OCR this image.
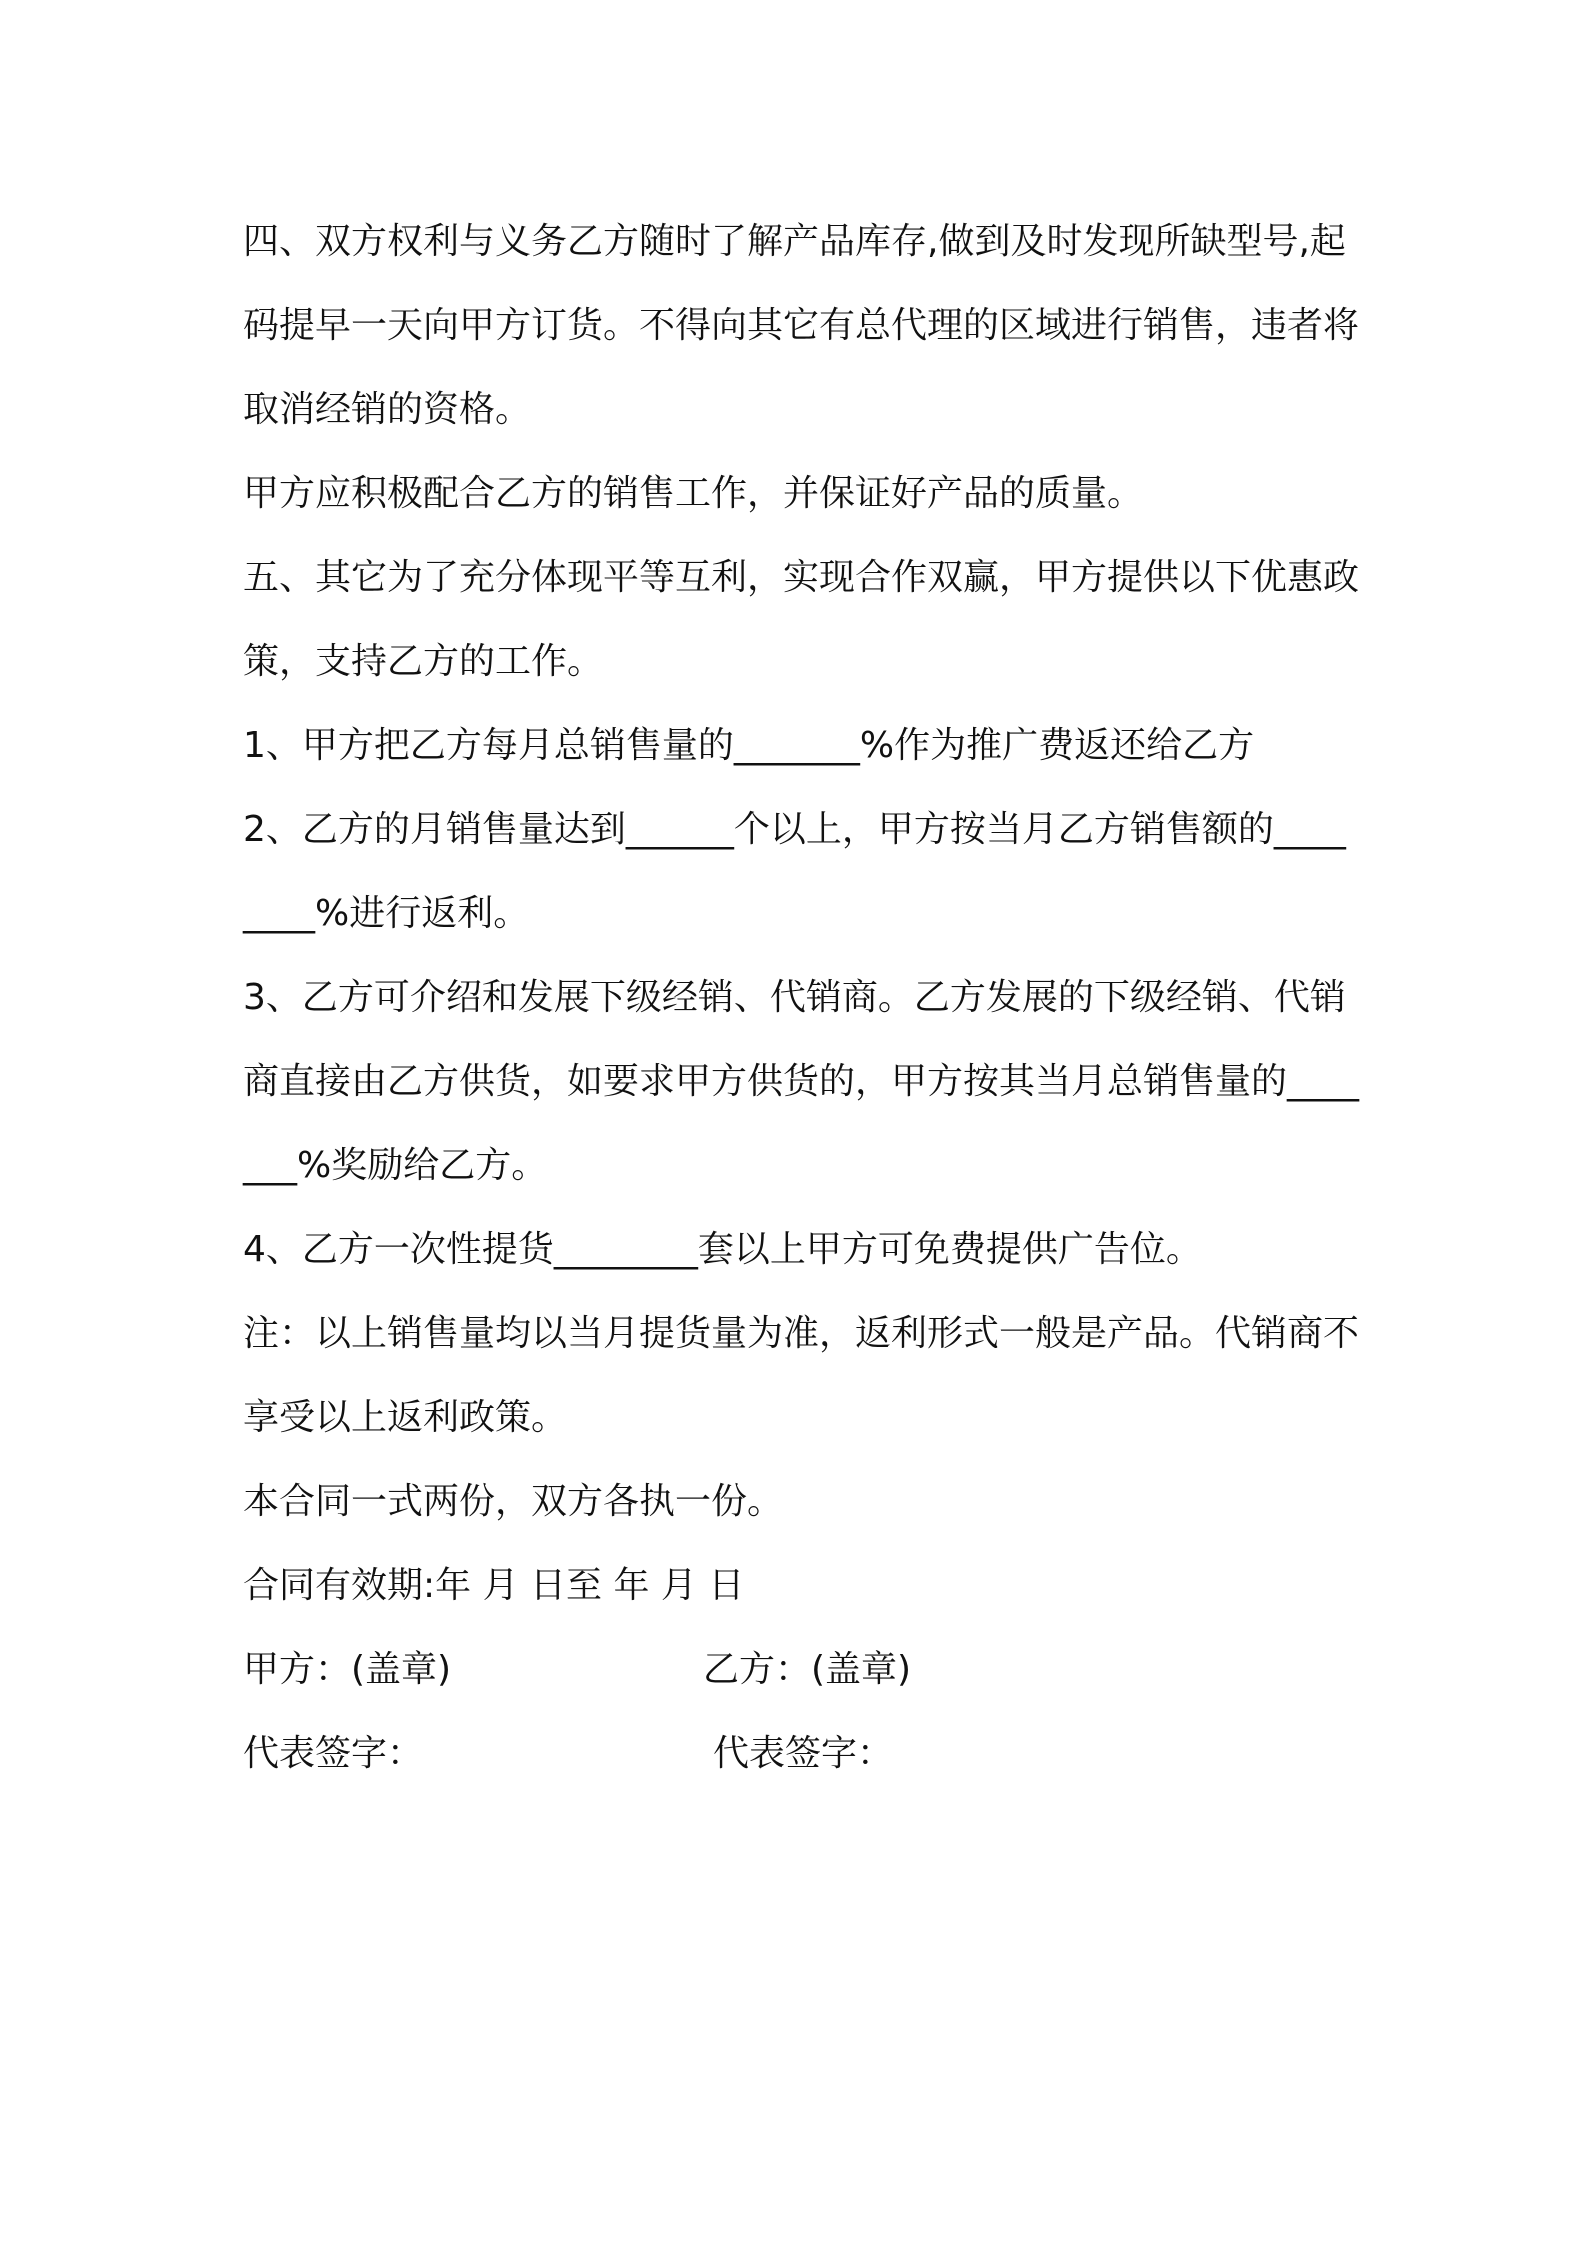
四、双方权利与义务乙方随时了解产品库存,做到及时发现所缺型号,起码提早一天向甲方订货。不得向其它有总代理的区域进行销售，违者将取消经销的资格。

甲方应积极配合乙方的销售工作，并保证好产品的质量。

五、其它为了充分体现平等互利，实现合作双赢，甲方提供以下优惠政策，支持乙方的工作。

1、甲方把乙方每月总销售量的_______%作为推广费返还给乙方

2、乙方的月销售量达到______个以上，甲方按当月乙方销售额的________%进行返利。

3、乙方可介绍和发展下级经销、代销商。乙方发展的下级经销、代销商直接由乙方供货，如要求甲方供货的，甲方按其当月总销售量的_______%奖励给乙方。

4、乙方一次性提货________套以上甲方可免费提供广告位。

注：以上销售量均以当月提货量为准，返利形式一般是产品。代销商不享受以上返利政策。

本合同一式两份，双方各执一份。

合同有效期:年 月 日至 年 月 日

甲方：(盖章)	乙方：(盖章)
代表签字：	代表签字：
